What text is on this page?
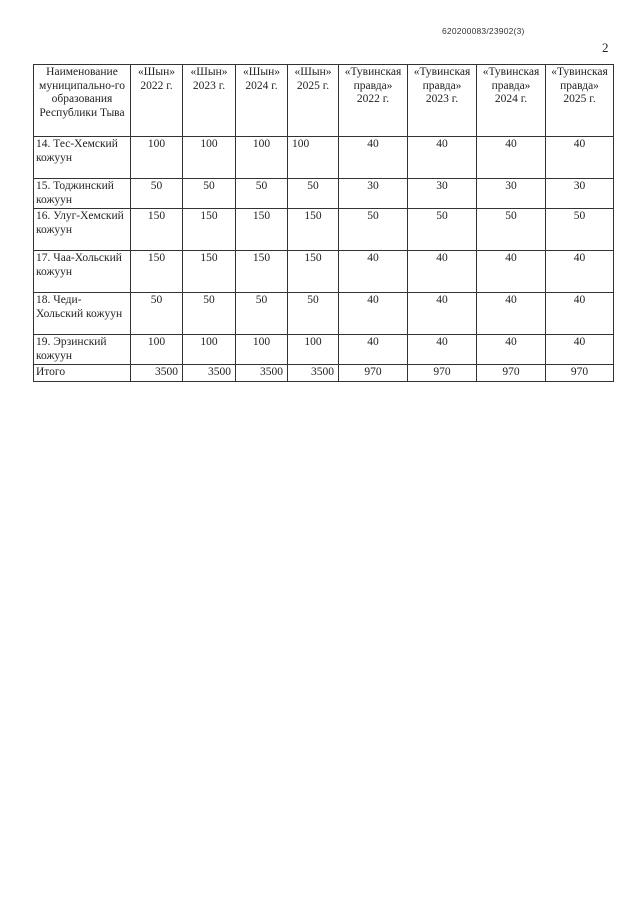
620200083/23902(3)
2
Наименование муниципально-го образования Республики Тыва	«Шын» 2022 г.	«Шын» 2023 г.	«Шын» 2024 г.	«Шын» 2025 г.	«Тувинская правда» 2022 г.	«Тувинская правда» 2023 г.	«Тувинская правда» 2024 г.	«Тувинская правда» 2025 г.
14. Тес-Хемский кожуун	100	100	100	100	40	40	40	40
15. Тоджинский кожуун	50	50	50	50	30	30	30	30
16. Улуг-Хемский кожуун	150	150	150	150	50	50	50	50
17. Чаа-Хольский кожуун	150	150	150	150	40	40	40	40
18. Чеди-Хольский кожуун	50	50	50	50	40	40	40	40
19. Эрзинский кожуун	100	100	100	100	40	40	40	40
Итого	3500	3500	3500	3500	970	970	970	970
